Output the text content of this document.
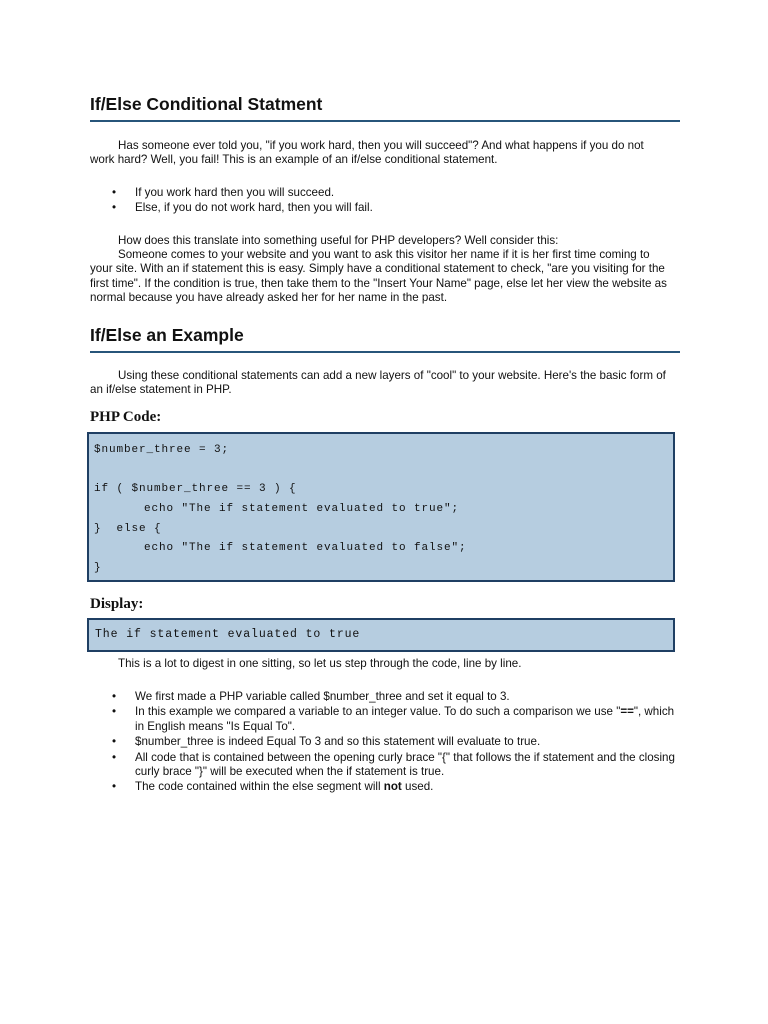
If/Else Conditional Statment

Has someone ever told you, "if you work hard, then you will succeed"? And what happens if you do not work hard? Well, you fail! This is an example of an if/else conditional statement.

• If you work hard then you will succeed.
• Else, if you do not work hard, then you will fail.

How does this translate into something useful for PHP developers? Well consider this:

Someone comes to your website and you want to ask this visitor her name if it is her first time coming to your site. With an if statement this is easy. Simply have a conditional statement to check, "are you visiting for the first time". If the condition is true, then take them to the "Insert Your Name" page, else let her view the website as normal because you have already asked her for her name in the past.

If/Else an Example

Using these conditional statements can add a new layers of "cool" to your website. Here's the basic form of an if/else statement in PHP.

PHP Code:
$number_three = 3;
if ( $number_three == 3 ) {
echo "The if statement evaluated to true";
}  else {
echo "The if statement evaluated to false";
}
Display:
The if statement evaluated to true

This is a lot to digest in one sitting, so let us step through the code, line by line.

• We first made a PHP variable called $number_three and set it equal to 3.
• In this example we compared a variable to an integer value. To do such a comparison we use "==", which in English means "Is Equal To".
• $number_three is indeed Equal To 3 and so this statement will evaluate to true.
• All code that is contained between the opening curly brace "{" that follows the if statement and the closing curly brace "}" will be executed when the if statement is true.
• The code contained within the else segment will not used.
